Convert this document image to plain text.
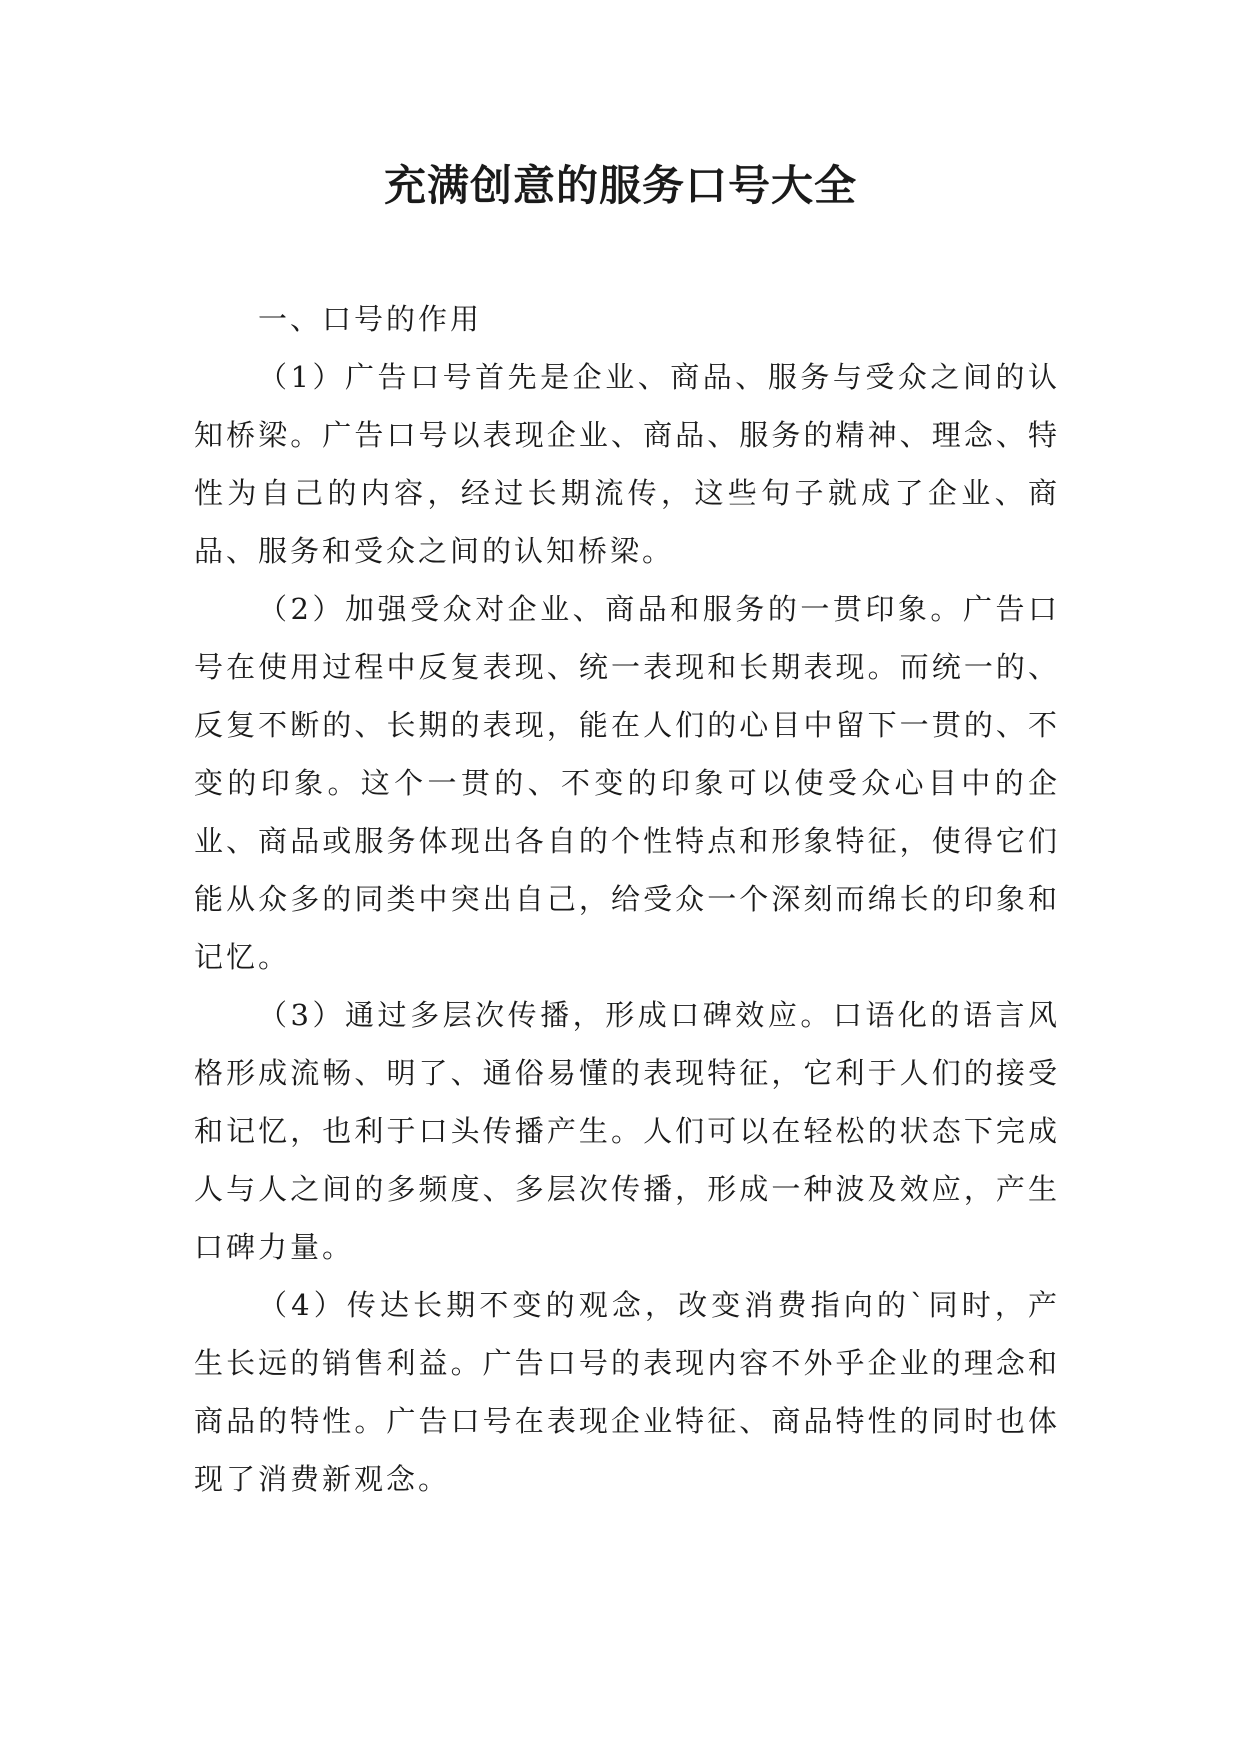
充满创意的服务口号大全

一、口号的作用

（1）广告口号首先是企业、商品、服务与受众之间的认知桥梁。广告口号以表现企业、商品、服务的精神、理念、特性为自己的内容，经过长期流传，这些句子就成了企业、商品、服务和受众之间的认知桥梁。

（2）加强受众对企业、商品和服务的一贯印象。广告口号在使用过程中反复表现、统一表现和长期表现。而统一的、反复不断的、长期的表现，能在人们的心目中留下一贯的、不变的印象。这个一贯的、不变的印象可以使受众心目中的企业、商品或服务体现出各自的个性特点和形象特征，使得它们能从众多的同类中突出自己，给受众一个深刻而绵长的印象和记忆。

（3）通过多层次传播，形成口碑效应。口语化的语言风格形成流畅、明了、通俗易懂的表现特征，它利于人们的接受和记忆，也利于口头传播产生。人们可以在轻松的状态下完成人与人之间的多频度、多层次传播，形成一种波及效应，产生口碑力量。

（4）传达长期不变的观念，改变消费指向的`同时，产生长远的销售利益。广告口号的表现内容不外乎企业的理念和商品的特性。广告口号在表现企业特征、商品特性的同时也体现了消费新观念。
